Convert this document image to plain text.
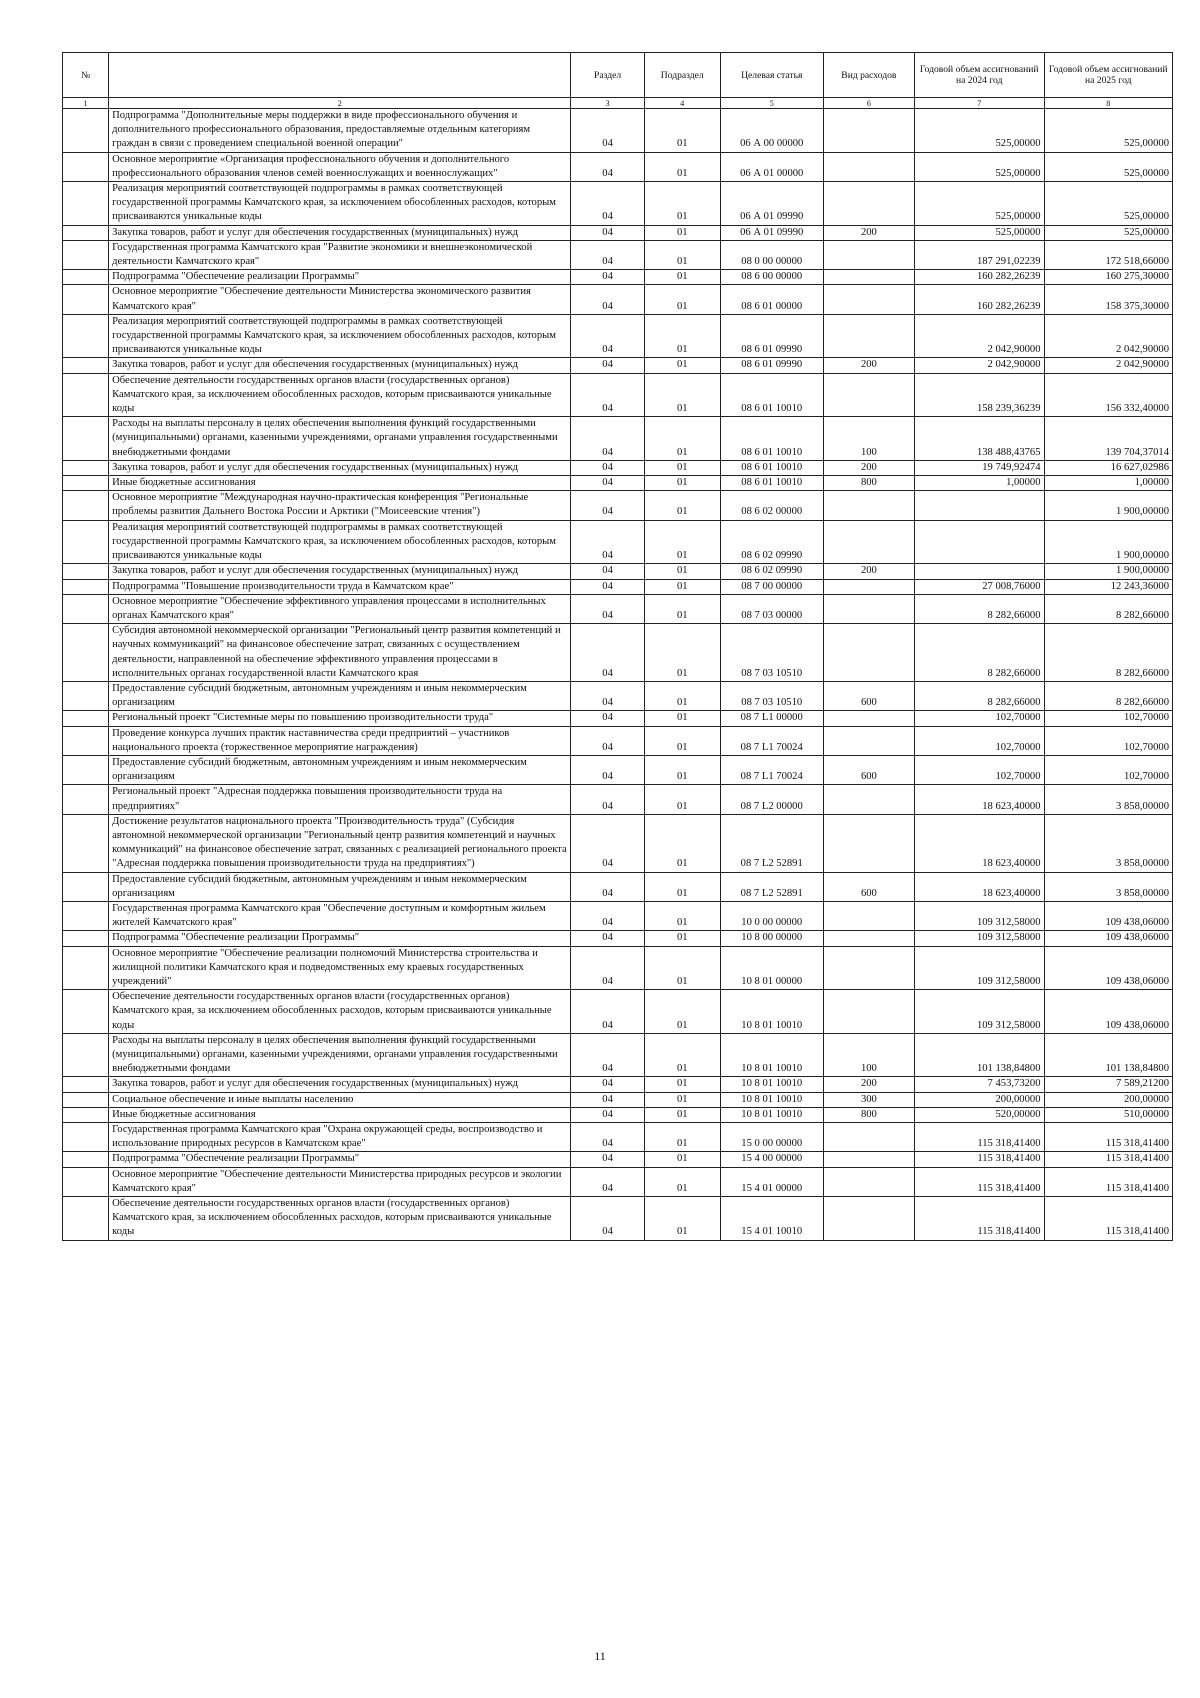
№		Раздел	Подраздел	Целевая статья	Вид расходов	Годовой объем ассигнований на 2024 год	Годовой объем ассигнований на 2025 год
1	2	3	4	5	6	7	8
	Подпрограмма "Дополнительные меры поддержки в виде профессионального обучения и дополнительного профессионального образования, предоставляемые отдельным категориям граждан в связи с проведением специальной военной операции"	04	01	06 А 00 00000		525,00000	525,00000
	Основное мероприятие «Организация профессионального обучения и дополнительного профессионального образования членов семей военнослужащих и военнослужащих"	04	01	06 А 01 00000		525,00000	525,00000
	Реализация мероприятий соответствующей подпрограммы в рамках соответствующей государственной программы Камчатского края, за исключением обособленных расходов, которым присваиваются уникальные коды	04	01	06 А 01 09990		525,00000	525,00000
	Закупка товаров, работ и услуг для обеспечения государственных (муниципальных) нужд	04	01	06 А 01 09990	200	525,00000	525,00000
	Государственная программа Камчатского края "Развитие экономики и внешнеэкономической деятельности Камчатского края"	04	01	08 0 00 00000		187 291,02239	172 518,66000
	Подпрограмма "Обеспечение реализации Программы"	04	01	08 6 00 00000		160 282,26239	160 275,30000
	Основное мероприятие "Обеспечение деятельности Министерства экономического развития Камчатского края"	04	01	08 6 01 00000		160 282,26239	158 375,30000
	Реализация мероприятий соответствующей подпрограммы в рамках соответствующей государственной программы Камчатского края, за исключением обособленных расходов, которым присваиваются уникальные коды	04	01	08 6 01 09990		2 042,90000	2 042,90000
	Закупка товаров, работ и услуг для обеспечения государственных (муниципальных) нужд	04	01	08 6 01 09990	200	2 042,90000	2 042,90000
	Обеспечение деятельности государственных органов власти (государственных органов) Камчатского края, за исключением обособленных расходов, которым присваиваются уникальные коды	04	01	08 6 01 10010		158 239,36239	156 332,40000
	Расходы на выплаты персоналу в целях обеспечения выполнения функций государственными (муниципальными) органами, казенными учреждениями, органами управления государственными внебюджетными фондами	04	01	08 6 01 10010	100	138 488,43765	139 704,37014
	Закупка товаров, работ и услуг для обеспечения государственных (муниципальных) нужд	04	01	08 6 01 10010	200	19 749,92474	16 627,02986
	Иные бюджетные ассигнования	04	01	08 6 01 10010	800	1,00000	1,00000
	Основное мероприятие "Международная научно-практическая конференция "Региональные проблемы развития Дальнего Востока России и Арктики ("Моисеевские чтения")	04	01	08 6 02 00000			1 900,00000
	Реализация мероприятий соответствующей подпрограммы в рамках соответствующей государственной программы Камчатского края, за исключением обособленных расходов, которым присваиваются уникальные коды	04	01	08 6 02 09990			1 900,00000
	Закупка товаров, работ и услуг для обеспечения государственных (муниципальных) нужд	04	01	08 6 02 09990	200		1 900,00000
	Подпрограмма "Повышение производительности труда в Камчатском крае"	04	01	08 7 00 00000		27 008,76000	12 243,36000
	Основное мероприятие "Обеспечение эффективного управления процессами в исполнительных органах Камчатского края"	04	01	08 7 03 00000		8 282,66000	8 282,66000
	Субсидия автономной некоммерческой организации "Региональный центр развития компетенций и научных коммуникаций" на финансовое обеспечение затрат, связанных с осуществлением деятельности, направленной на обеспечение эффективного управления процессами в исполнительных органах государственной власти Камчатского края	04	01	08 7 03 10510		8 282,66000	8 282,66000
	Предоставление субсидий бюджетным, автономным учреждениям и иным некоммерческим организациям	04	01	08 7 03 10510	600	8 282,66000	8 282,66000
	Региональный проект "Системные меры по повышению производительности труда"	04	01	08 7 L1 00000		102,70000	102,70000
	Проведение конкурса лучших практик наставничества среди предприятий – участников национального проекта (торжественное мероприятие награждения)	04	01	08 7 L1 70024		102,70000	102,70000
	Предоставление субсидий бюджетным, автономным учреждениям и иным некоммерческим организациям	04	01	08 7 L1 70024	600	102,70000	102,70000
	Региональный проект "Адресная поддержка повышения производительности труда на предприятиях"	04	01	08 7 L2 00000		18 623,40000	3 858,00000
	Достижение результатов национального проекта "Производительность труда" (Субсидия автономной некоммерческой организации "Региональный центр развития компетенций и научных коммуникаций" на финансовое обеспечение затрат, связанных с реализацией регионального проекта "Адресная поддержка повышения производительности труда на предприятиях")	04	01	08 7 L2 52891		18 623,40000	3 858,00000
	Предоставление субсидий бюджетным, автономным учреждениям и иным некоммерческим организациям	04	01	08 7 L2 52891	600	18 623,40000	3 858,00000
	Государственная программа Камчатского края "Обеспечение доступным и комфортным жильем жителей Камчатского края"	04	01	10 0 00 00000		109 312,58000	109 438,06000
	Подпрограмма "Обеспечение реализации Программы"	04	01	10 8 00 00000		109 312,58000	109 438,06000
	Основное мероприятие "Обеспечение реализации полномочий Министерства строительства и жилищной политики Камчатского края и подведомственных ему краевых государственных учреждений"	04	01	10 8 01 00000		109 312,58000	109 438,06000
	Обеспечение деятельности государственных органов власти (государственных органов) Камчатского края, за исключением обособленных расходов, которым присваиваются уникальные коды	04	01	10 8 01 10010		109 312,58000	109 438,06000
	Расходы на выплаты персоналу в целях обеспечения выполнения функций государственными (муниципальными) органами, казенными учреждениями, органами управления государственными внебюджетными фондами	04	01	10 8 01 10010	100	101 138,84800	101 138,84800
	Закупка товаров, работ и услуг для обеспечения государственных (муниципальных) нужд	04	01	10 8 01 10010	200	7 453,73200	7 589,21200
	Социальное обеспечение и иные выплаты населению	04	01	10 8 01 10010	300	200,00000	200,00000
	Иные бюджетные ассигнования	04	01	10 8 01 10010	800	520,00000	510,00000
	Государственная программа Камчатского края "Охрана окружающей среды, воспроизводство и использование природных ресурсов в Камчатском крае"	04	01	15 0 00 00000		115 318,41400	115 318,41400
	Подпрограмма "Обеспечение реализации Программы"	04	01	15 4 00 00000		115 318,41400	115 318,41400
	Основное мероприятие "Обеспечение деятельности Министерства природных ресурсов и экологии Камчатского края"	04	01	15 4 01 00000		115 318,41400	115 318,41400
	Обеспечение деятельности государственных органов власти (государственных органов) Камчатского края, за исключением обособленных расходов, которым присваиваются уникальные коды	04	01	15 4 01 10010		115 318,41400	115 318,41400
11
